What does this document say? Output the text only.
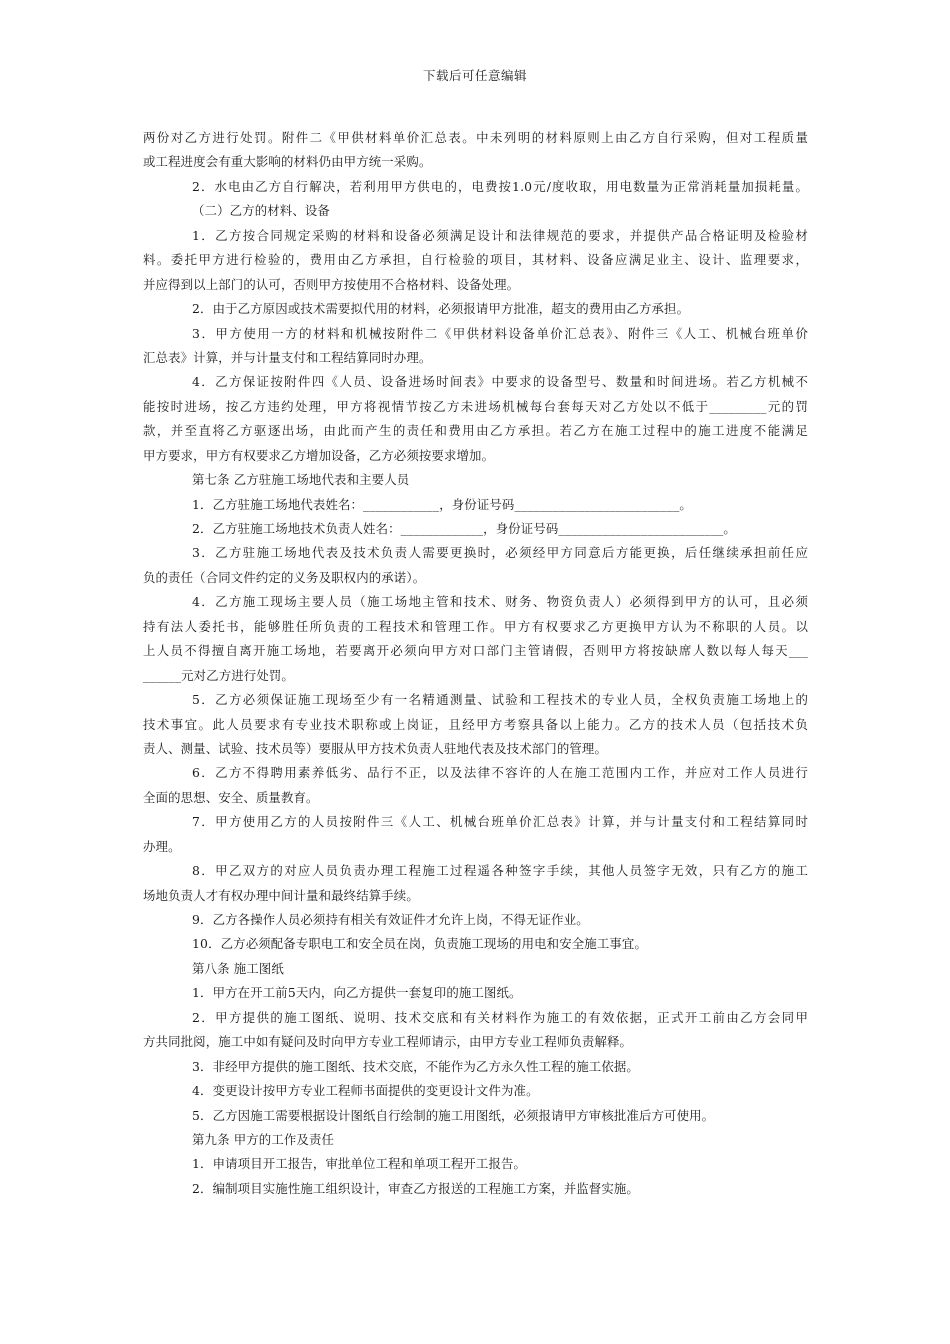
下载后可任意编辑
两份对乙方进行处罚。附件二《甲供材料单价汇总表。中未列明的材料原则上由乙方自行采购，但对工程质量
或工程进度会有重大影响的材料仍由甲方统一采购。
2．水电由乙方自行解决，若利用甲方供电的，电费按1.0元/度收取，用电数量为正常消耗量加损耗量。
（二）乙方的材料、设备
1．乙方按合同规定采购的材料和设备必须满足设计和法律规范的要求，并提供产品合格证明及检验材
料。委托甲方进行检验的，费用由乙方承担，自行检验的项目，其材料、设备应满足业主、设计、监理要求，
并应得到以上部门的认可，否则甲方按使用不合格材料、设备处理。
2．由于乙方原因或技术需要拟代用的材料，必须报请甲方批准，超支的费用由乙方承担。
3．甲方使用一方的材料和机械按附件二《甲供材料设备单价汇总表》、附件三《人工、机械台班单价
汇总表》计算，并与计量支付和工程结算同时办理。
4．乙方保证按附件四《人员、设备进场时间表》中要求的设备型号、数量和时间进场。若乙方机械不
能按时进场，按乙方违约处理，甲方将视情节按乙方未进场机械每台套每天对乙方处以不低于_________元的罚
款，并至直将乙方驱逐出场，由此而产生的责任和费用由乙方承担。若乙方在施工过程中的施工进度不能满足
甲方要求，甲方有权要求乙方增加设备，乙方必须按要求增加。
第七条 乙方驻施工场地代表和主要人员
1．乙方驻施工场地代表姓名：____________，身份证号码__________________________。
2．乙方驻施工场地技术负责人姓名：_____________，身份证号码__________________________。
3．乙方驻施工场地代表及技术负责人需要更换时，必须经甲方同意后方能更换，后任继续承担前任应
负的责任（合同文件约定的义务及职权内的承诺）。
4．乙方施工现场主要人员（施工场地主管和技术、财务、物资负责人）必须得到甲方的认可，且必须
持有法人委托书，能够胜任所负责的工程技术和管理工作。甲方有权要求乙方更换甲方认为不称职的人员。以
上人员不得擅自离开施工场地，若要离开必须向甲方对口部门主管请假，否则甲方将按缺席人数以每人每天___
______元对乙方进行处罚。
5．乙方必须保证施工现场至少有一名精通测量、试验和工程技术的专业人员，全权负责施工场地上的
技术事宜。此人员要求有专业技术职称或上岗证，且经甲方考察具备以上能力。乙方的技术人员（包括技术负
责人、测量、试验、技术员等）要服从甲方技术负责人驻地代表及技术部门的管理。
6．乙方不得聘用素养低劣、品行不正，以及法律不容许的人在施工范围内工作，并应对工作人员进行
全面的思想、安全、质量教育。
7．甲方使用乙方的人员按附件三《人工、机械台班单价汇总表》计算，并与计量支付和工程结算同时
办理。
8．甲乙双方的对应人员负责办理工程施工过程遥各种签字手续，其他人员签字无效，只有乙方的施工
场地负责人才有权办理中间计量和最终结算手续。
9．乙方各操作人员必须持有相关有效证件才允许上岗，不得无证作业。
10．乙方必须配备专职电工和安全员在岗，负责施工现场的用电和安全施工事宜。
第八条 施工图纸
1．甲方在开工前5天内，向乙方提供一套复印的施工图纸。
2．甲方提供的施工图纸、说明、技术交底和有关材料作为施工的有效依据，正式开工前由乙方会同甲
方共同批阅，施工中如有疑问及时向甲方专业工程师请示，由甲方专业工程师负责解释。
3．非经甲方提供的施工图纸、技术交底，不能作为乙方永久性工程的施工依据。
4．变更设计按甲方专业工程师书面提供的变更设计文件为准。
5．乙方因施工需要根据设计图纸自行绘制的施工用图纸，必须报请甲方审核批准后方可使用。
第九条 甲方的工作及责任
1．申请项目开工报告，审批单位工程和单项工程开工报告。
2．编制项目实施性施工组织设计，审查乙方报送的工程施工方案，并监督实施。
